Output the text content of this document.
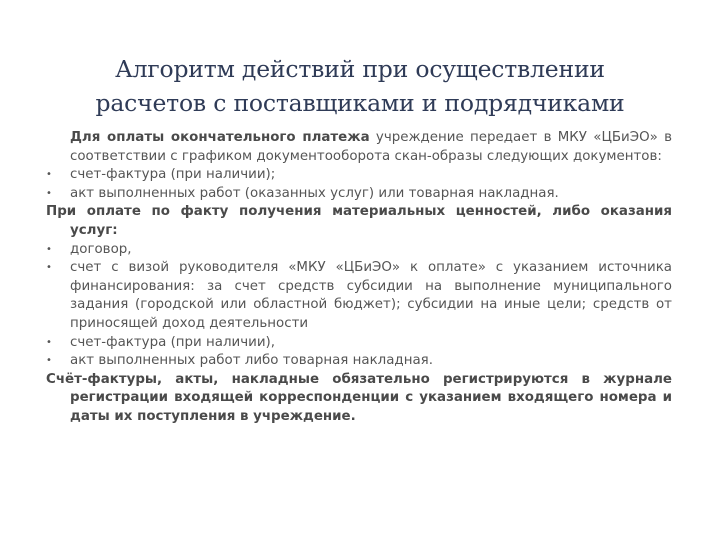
Алгоритм действий при осуществлении
расчетов с поставщиками и подрядчиками

Для оплаты окончательного платежа учреждение передает в МКУ «ЦБиЭО» в соответствии с графиком документооборота скан-образы следующих документов:

•	счет-фактура (при наличии);
•	акт выполненных работ (оказанных услуг) или товарная накладная.

При оплате по факту получения материальных ценностей, либо оказания услуг:

•	договор,
•	счет с визой руководителя «МКУ «ЦБиЭО» к оплате» с указанием источника финансирования: за счет средств субсидии на выполнение муниципального задания (городской или областной бюджет); субсидии на иные цели; средств от приносящей доход деятельности
•	счет-фактура (при наличии),
•	акт выполненных работ либо товарная накладная.

Счёт-фактуры, акты, накладные обязательно регистрируются в журнале регистрации входящей корреспонденции с указанием входящего номера и даты их поступления в учреждение.
